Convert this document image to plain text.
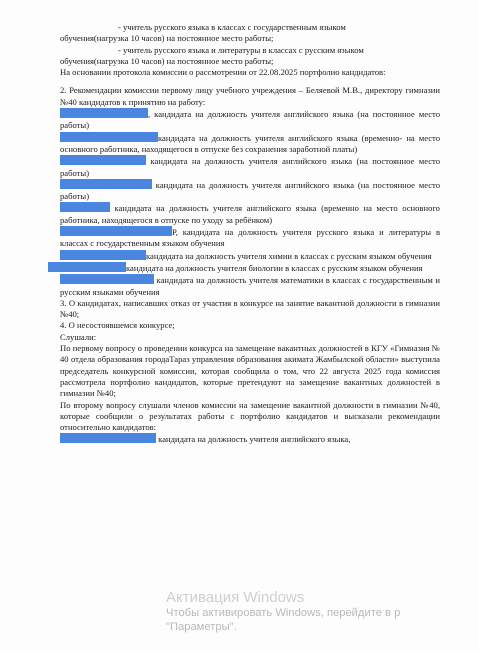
- учитель русского языка в классах с государственным языком
обучения(нагрузка 10 часов) на постоянное место работы;

- учитель русского языка и литературы в классах с русским языком
обучения(нагрузка 10 часов) на постоянное место работы;

На основании протокола комиссии о рассмотрении от 22.08.2025 портфолио кандидатов:

2. Рекомендации комиссии первому лицу учебного учреждения – Беляевой М.В., директору гимназии №40 кандидатов к принятию на работу:

, кандидата на должность учителя английского языка (на постоянное место работы)

кандидата на должность учителя английского языка (временно- на место основного работника, находящегося в отпуске без сохранения заработной платы)

кандидата на должность учителя английского языка (на постоянное место работы)

кандидата на должность учителя английского языка (на постоянное место работы)

кандидата на должность учителя английского языка (временно на место основного работника, находящегося в отпуске по уходу за ребёнком)

Р, кандидата на должность учителя русского языка и литературы в классах с государственным языком обучения

кандидата на должность учителя химии в классах с русским языком обучения

кандидата на должность учителя биологии в классах с русским языком обучения

кандидата на должность учителя математики в классах с государственным и русским языками обучения

3. О кандидатах, написавших отказ от участия в конкурсе на занятие вакантной должности в гимназии №40;

4. О несостоявшемся конкурсе;

Слушали:

По первому вопросу о проведении конкурса на замещение вакантных должностей в КГУ «Гимназия № 40 отдела образования городаТараз управления образования акимата Жамбылской области» выступила председатель конкурсной комиссии, которая сообщила о том, что 22 августа 2025 года комиссия рассмотрела портфолио кандидатов, которые претендуют на замещение вакантных должностей в гимназии №40;

По второму вопросу слушали членов комиссии на замещение вакантной должности в гимназии №40, которые сообщили о результатах работы с портфолио кандидатов и высказали рекомендации относительно кандидатов:

кандидата на должность учителя английского языка,

Активация Windows
Чтобы активировать Windows, перейдите в р
"Параметры".
